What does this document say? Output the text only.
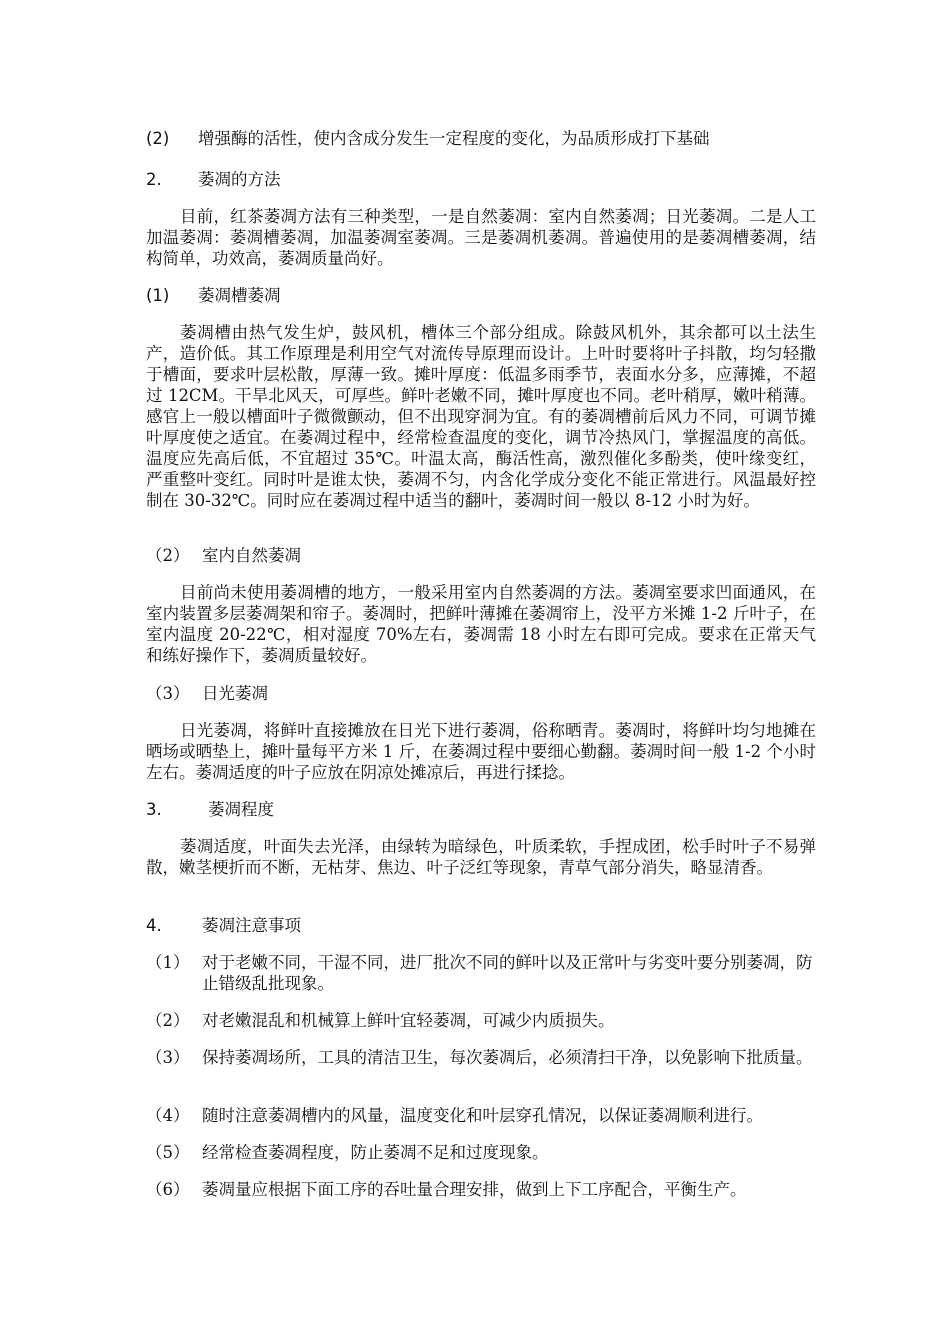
(2)	增强酶的活性，使内含成分发生一定程度的变化，为品质形成打下基础
2.	萎凋的方法

目前，红茶萎凋方法有三种类型，一是自然萎凋：室内自然萎凋；日光萎凋。二是人工加温萎凋：萎凋槽萎凋，加温萎凋室萎凋。三是萎凋机萎凋。普遍使用的是萎凋槽萎凋，结构简单，功效高，萎凋质量尚好。

(1)	萎凋槽萎凋

萎凋槽由热气发生炉，鼓风机，槽体三个部分组成。除鼓风机外，其余都可以土法生产，造价低。其工作原理是利用空气对流传导原理而设计。上叶时要将叶子抖散，均匀轻撒于槽面，要求叶层松散，厚薄一致。摊叶厚度：低温多雨季节，表面水分多，应薄摊，不超过 12CM。干旱北风天，可厚些。鲜叶老嫩不同，摊叶厚度也不同。老叶稍厚，嫩叶稍薄。感官上一般以槽面叶子微微颤动，但不出现穿洞为宜。有的萎凋槽前后风力不同，可调节摊叶厚度使之适宜。在萎凋过程中，经常检查温度的变化，调节冷热风门，掌握温度的高低。温度应先高后低，不宜超过 35℃。叶温太高，酶活性高，激烈催化多酚类，使叶缘变红，严重整叶变红。同时叶是谁太快，萎凋不匀，内含化学成分变化不能正常进行。风温最好控制在 30-32℃。同时应在萎凋过程中适当的翻叶，萎凋时间一般以 8-12 小时为好。

（2） 室内自然萎凋

目前尚未使用萎凋槽的地方，一般采用室内自然萎凋的方法。萎凋室要求凹面通风，在室内装置多层萎凋架和帘子。萎凋时，把鲜叶薄摊在萎凋帘上，没平方米摊 1-2 斤叶子，在室内温度 20-22℃，相对湿度 70%左右，萎凋需 18 小时左右即可完成。要求在正常天气和练好操作下，萎凋质量较好。

（3） 日光萎凋

日光萎凋，将鲜叶直接摊放在日光下进行萎凋，俗称晒青。萎凋时，将鲜叶均匀地摊在晒场或晒垫上，摊叶量每平方米 1 斤，在萎凋过程中要细心勤翻。萎凋时间一般 1-2 个小时左右。萎凋适度的叶子应放在阴凉处摊凉后，再进行揉捻。

3.	萎凋程度

萎凋适度，叶面失去光泽，由绿转为暗绿色，叶质柔软，手捏成团，松手时叶子不易弹散，嫩茎梗折而不断，无枯芽、焦边、叶子泛红等现象，青草气部分消失，略显清香。

4.	萎凋注意事项
（1） 对于老嫩不同，干湿不同，进厂批次不同的鲜叶以及正常叶与劣变叶要分别萎凋，防止错级乱批现象。
（2） 对老嫩混乱和机械算上鲜叶宜轻萎凋，可减少内质损失。
（3） 保持萎凋场所，工具的清洁卫生，每次萎凋后，必须清扫干净，以免影响下批质量。
（4） 随时注意萎凋槽内的风量，温度变化和叶层穿孔情况，以保证萎凋顺利进行。
（5） 经常检查萎凋程度，防止萎凋不足和过度现象。
（6） 萎凋量应根据下面工序的吞吐量合理安排，做到上下工序配合，平衡生产。
